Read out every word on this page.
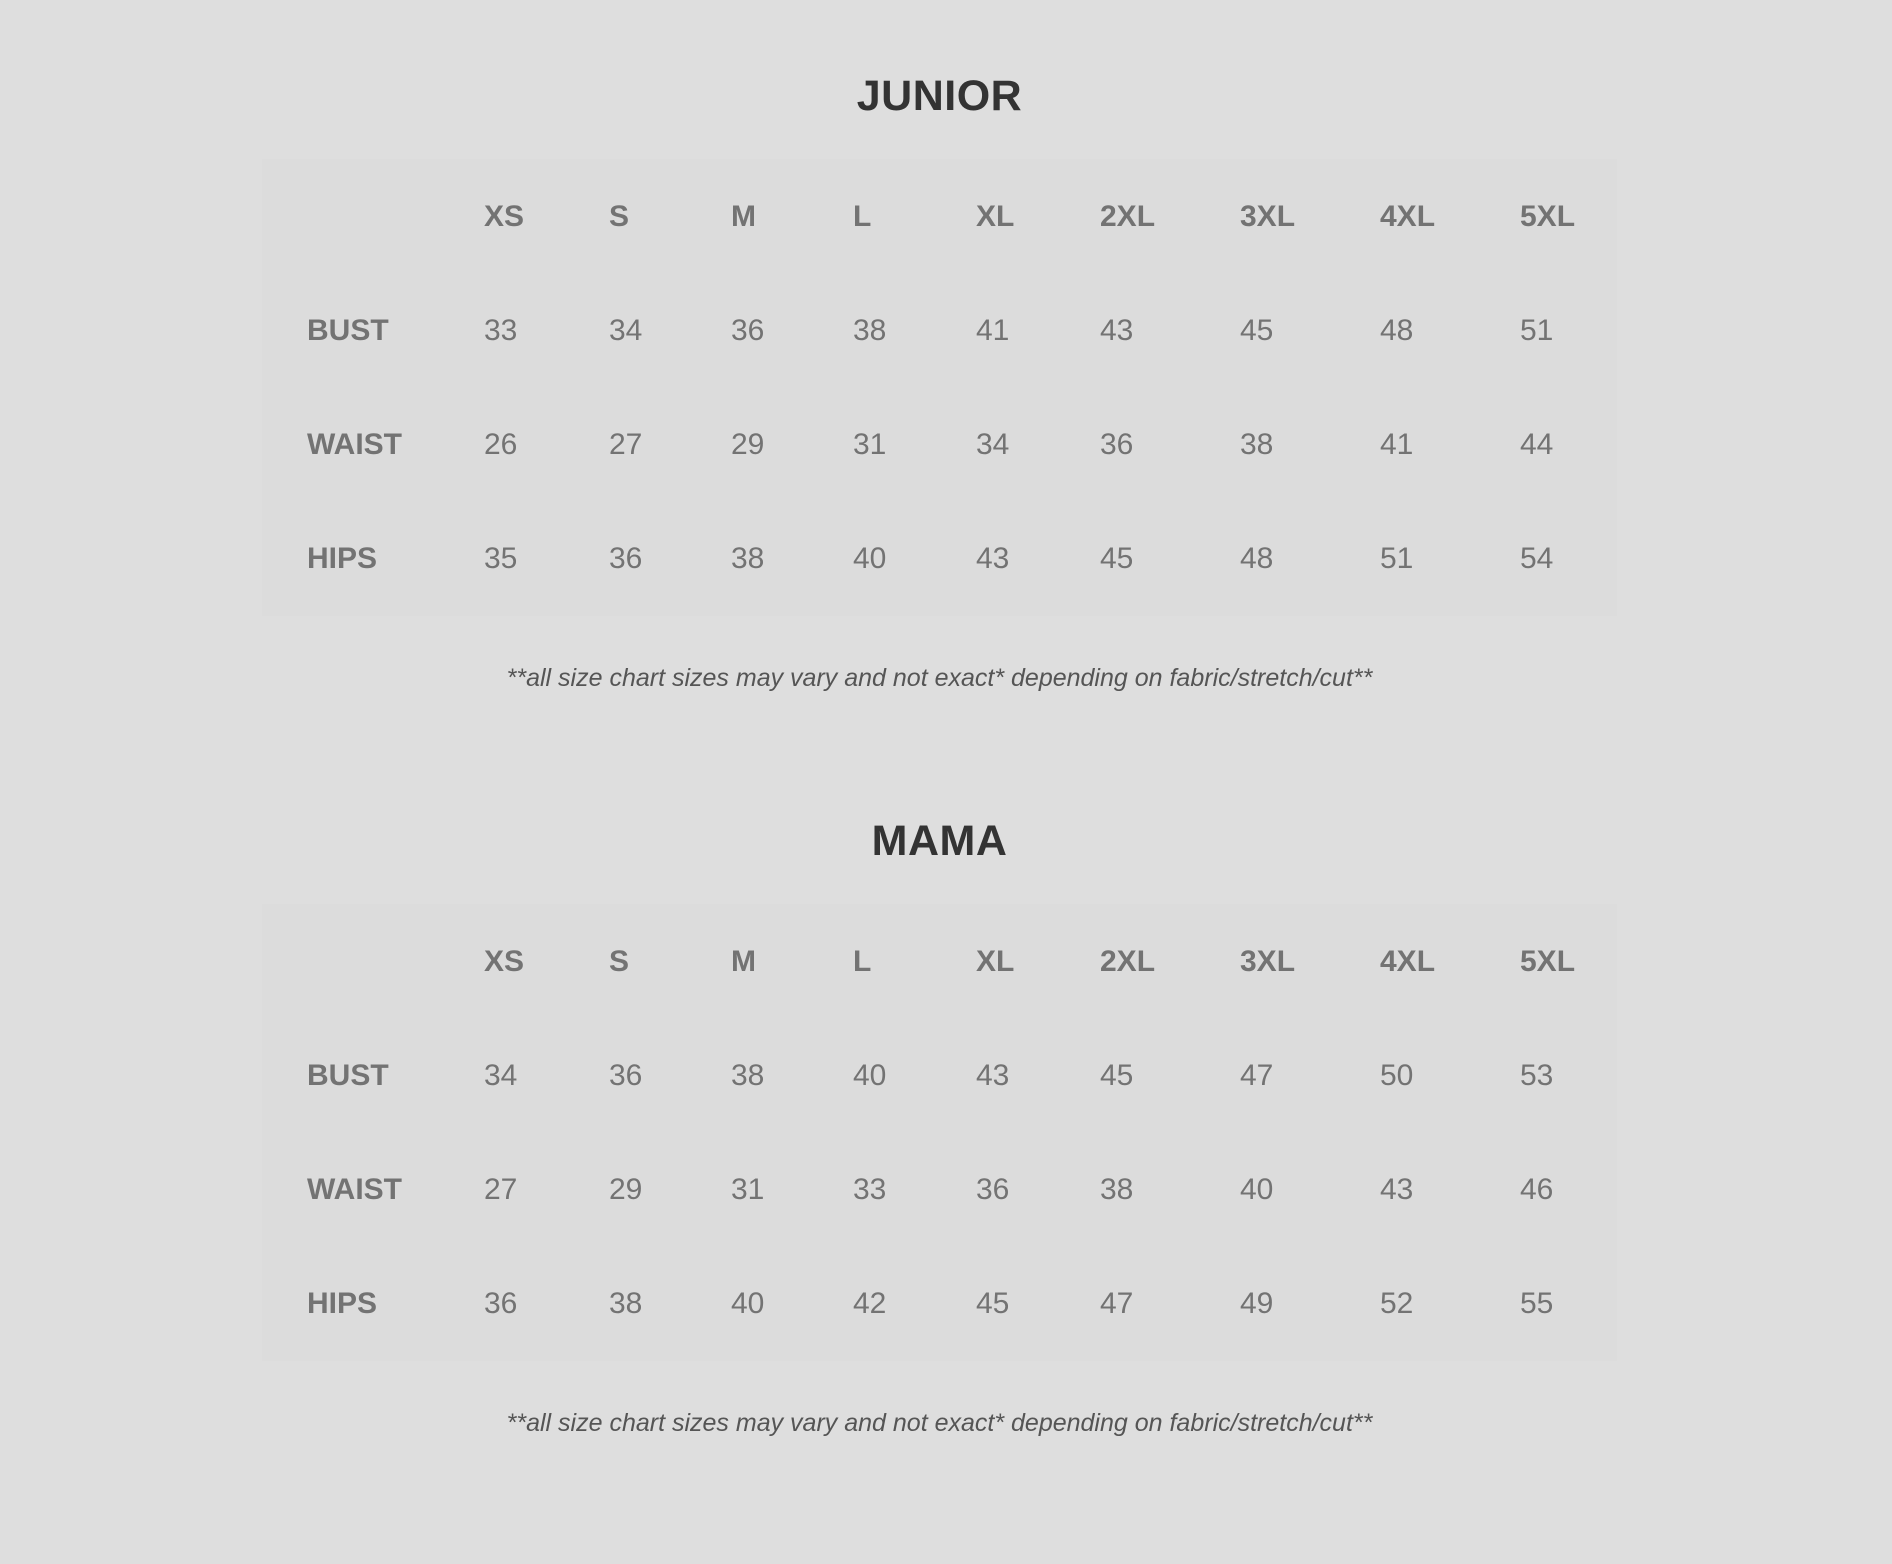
JUNIOR
XS	S	M	L	XL	2XL	3XL	4XL	5XL
BUST	33	34	36	38	41	43	45	48	51
WAIST	26	27	29	31	34	36	38	41	44
HIPS	35	36	38	40	43	45	48	51	54

**all size chart sizes may vary and not exact* depending on fabric/stretch/cut**

MAMA
XS	S	M	L	XL	2XL	3XL	4XL	5XL
BUST	34	36	38	40	43	45	47	50	53
WAIST	27	29	31	33	36	38	40	43	46
HIPS	36	38	40	42	45	47	49	52	55

**all size chart sizes may vary and not exact* depending on fabric/stretch/cut**
